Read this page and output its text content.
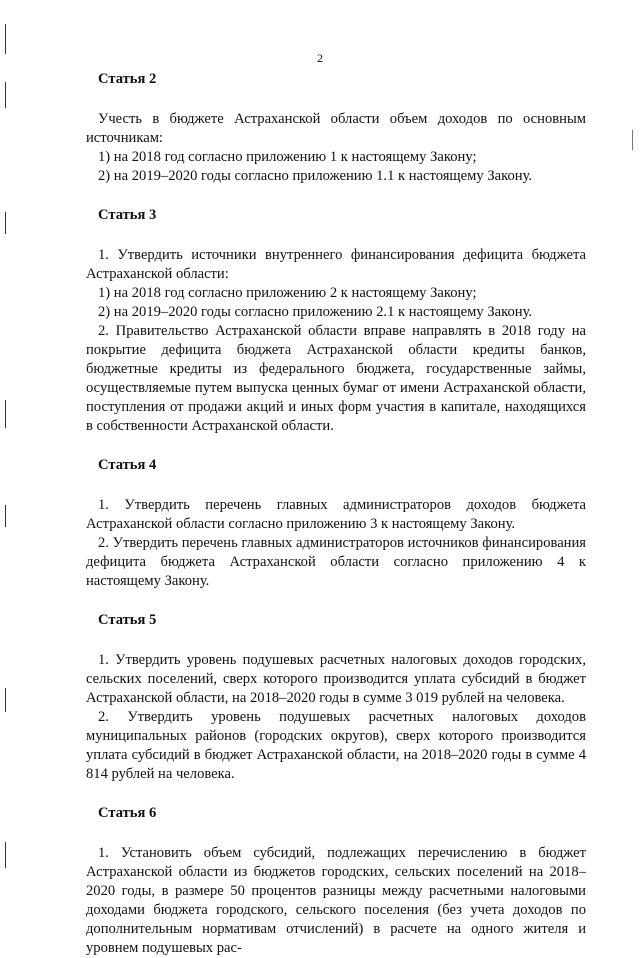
2
Статья 2

Учесть в бюджете Астраханской области объем доходов по основным источникам:

1) на 2018 год согласно приложению 1 к настоящему Закону;

2) на 2019–2020 годы согласно приложению 1.1 к настоящему Закону.

Статья 3

1. Утвердить источники внутреннего финансирования дефицита бюджета Астраханской области:

1) на 2018 год согласно приложению 2 к настоящему Закону;

2) на 2019–2020 годы согласно приложению 2.1 к настоящему Закону.

2. Правительство Астраханской области вправе направлять в 2018 году на покрытие дефицита бюджета Астраханской области кредиты банков, бюджетные кредиты из федерального бюджета, государственные займы, осуществляемые путем выпуска ценных бумаг от имени Астраханской области, поступления от продажи акций и иных форм участия в капитале, находящихся в собственности Астраханской области.

Статья 4

1. Утвердить перечень главных администраторов доходов бюджета Астраханской области согласно приложению 3 к настоящему Закону.

2. Утвердить перечень главных администраторов источников финансирования дефицита бюджета Астраханской области согласно приложению 4 к настоящему Закону.

Статья 5

1. Утвердить уровень подушевых расчетных налоговых доходов городских, сельских поселений, сверх которого производится уплата субсидий в бюджет Астраханской области, на 2018–2020 годы в сумме 3 019 рублей на человека.

2. Утвердить уровень подушевых расчетных налоговых доходов муниципальных районов (городских округов), сверх которого производится уплата субсидий в бюджет Астраханской области, на 2018–2020 годы в сумме 4 814 рублей на человека.

Статья 6

1. Установить объем субсидий, подлежащих перечислению в бюджет Астраханской области из бюджетов городских, сельских поселений на 2018–2020 годы, в размере 50 процентов разницы между расчетными налоговыми доходами бюджета городского, сельского поселения (без учета доходов по дополнительным нормативам отчислений) в расчете на одного жителя и уровнем подушевых рас-
